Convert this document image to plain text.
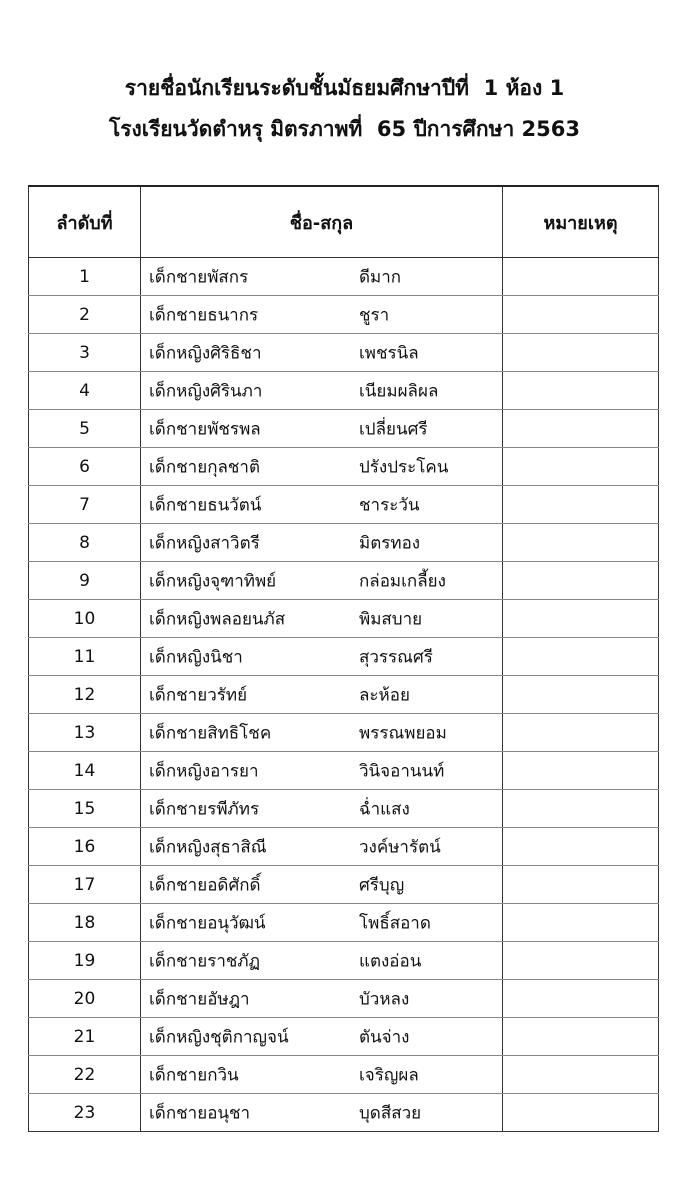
รายชื่อนักเรียนระดับชั้นมัธยมศึกษาปีที่  1 ห้อง 1
โรงเรียนวัดตำหรุ มิตรภาพที่  65 ปีการศึกษา 2563
ลำดับที่	ชื่อ-สกุล	หมายเหตุ
1	เด็กชายพัสกร ดีมาก	

2	เด็กชายธนากร ชูรา	

3	เด็กหญิงศิริธิชา เพชรนิล	

4	เด็กหญิงศิรินภา เนียมผลิผล	

5	เด็กชายพัชรพล เปลี่ยนศรี	

6	เด็กชายกุลชาติ ปรังประโคน	

7	เด็กชายธนวัตน์ ชาระวัน	

8	เด็กหญิงสาวิตรี มิตรทอง	

9	เด็กหญิงจุฑาทิพย์ กล่อมเกลี้ยง	

10	เด็กหญิงพลอยนภัส พิมสบาย	

11	เด็กหญิงนิชา สุวรรณศรี	

12	เด็กชายวรัทย์ ละห้อย	

13	เด็กชายสิทธิโชค พรรณพยอม	

14	เด็กหญิงอารยา วินิจอานนท์	

15	เด็กชายรพีภัทร ฉ่ำแสง	

16	เด็กหญิงสุธาสิณี วงค์ษารัตน์	

17	เด็กชายอดิศักดิ์ ศรีบุญ	

18	เด็กชายอนุวัฒน์ โพธิ์สอาด	

19	เด็กชายราชภัฏ แตงอ่อน	

20	เด็กชายอัษฎา บัวหลง	

21	เด็กหญิงชุติกาญจน์ ตันจ่าง	

22	เด็กชายกวิน เจริญผล	

23	เด็กชายอนุชา บุดสีสวย	
